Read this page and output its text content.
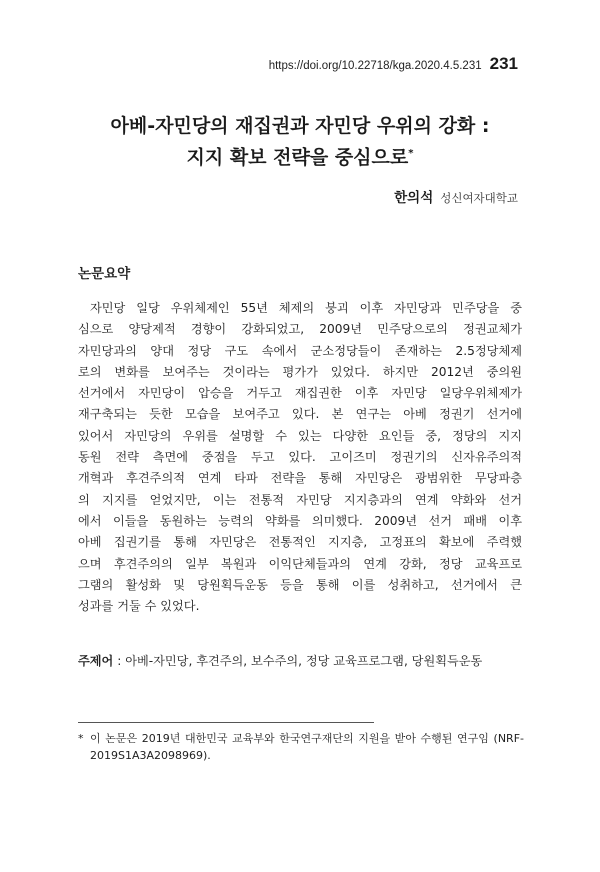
https://doi.org/10.22718/kga.2020.4.5.231 231
아베-자민당의 재집권과 자민당 우위의 강화 :
지지 확보 전략을 중심으로*
한의석 성신여자대학교
논문요약
자민당 일당 우위체제인 55년 체제의 붕괴 이후 자민당과 민주당을 중
심으로 양당제적 경향이 강화되었고, 2009년 민주당으로의 정권교체가
자민당과의 양대 정당 구도 속에서 군소정당들이 존재하는 2.5정당체제
로의 변화를 보여주는 것이라는 평가가 있었다. 하지만 2012년 중의원
선거에서 자민당이 압승을 거두고 재집권한 이후 자민당 일당우위체제가
재구축되는 듯한 모습을 보여주고 있다. 본 연구는 아베 정권기 선거에
있어서 자민당의 우위를 설명할 수 있는 다양한 요인들 중, 정당의 지지
동원 전략 측면에 중점을 두고 있다. 고이즈미 정권기의 신자유주의적
개혁과 후견주의적 연계 타파 전략을 통해 자민당은 광범위한 무당파층
의 지지를 얻었지만, 이는 전통적 자민당 지지층과의 연계 약화와 선거
에서 이들을 동원하는 능력의 약화를 의미했다. 2009년 선거 패배 이후
아베 집권기를 통해 자민당은 전통적인 지지층, 고정표의 확보에 주력했
으며 후견주의의 일부 복원과 이익단체들과의 연계 강화, 정당 교육프로
그램의 활성화 및 당원획득운동 등을 통해 이를 성취하고, 선거에서 큰
성과를 거둘 수 있었다.
주제어 : 아베-자민당, 후견주의, 보수주의, 정당 교육프로그램, 당원획득운동
* 이 논문은 2019년 대한민국 교육부와 한국연구재단의 지원을 받아 수행된 연구임 (NRF-2019S1A3A2098969).
